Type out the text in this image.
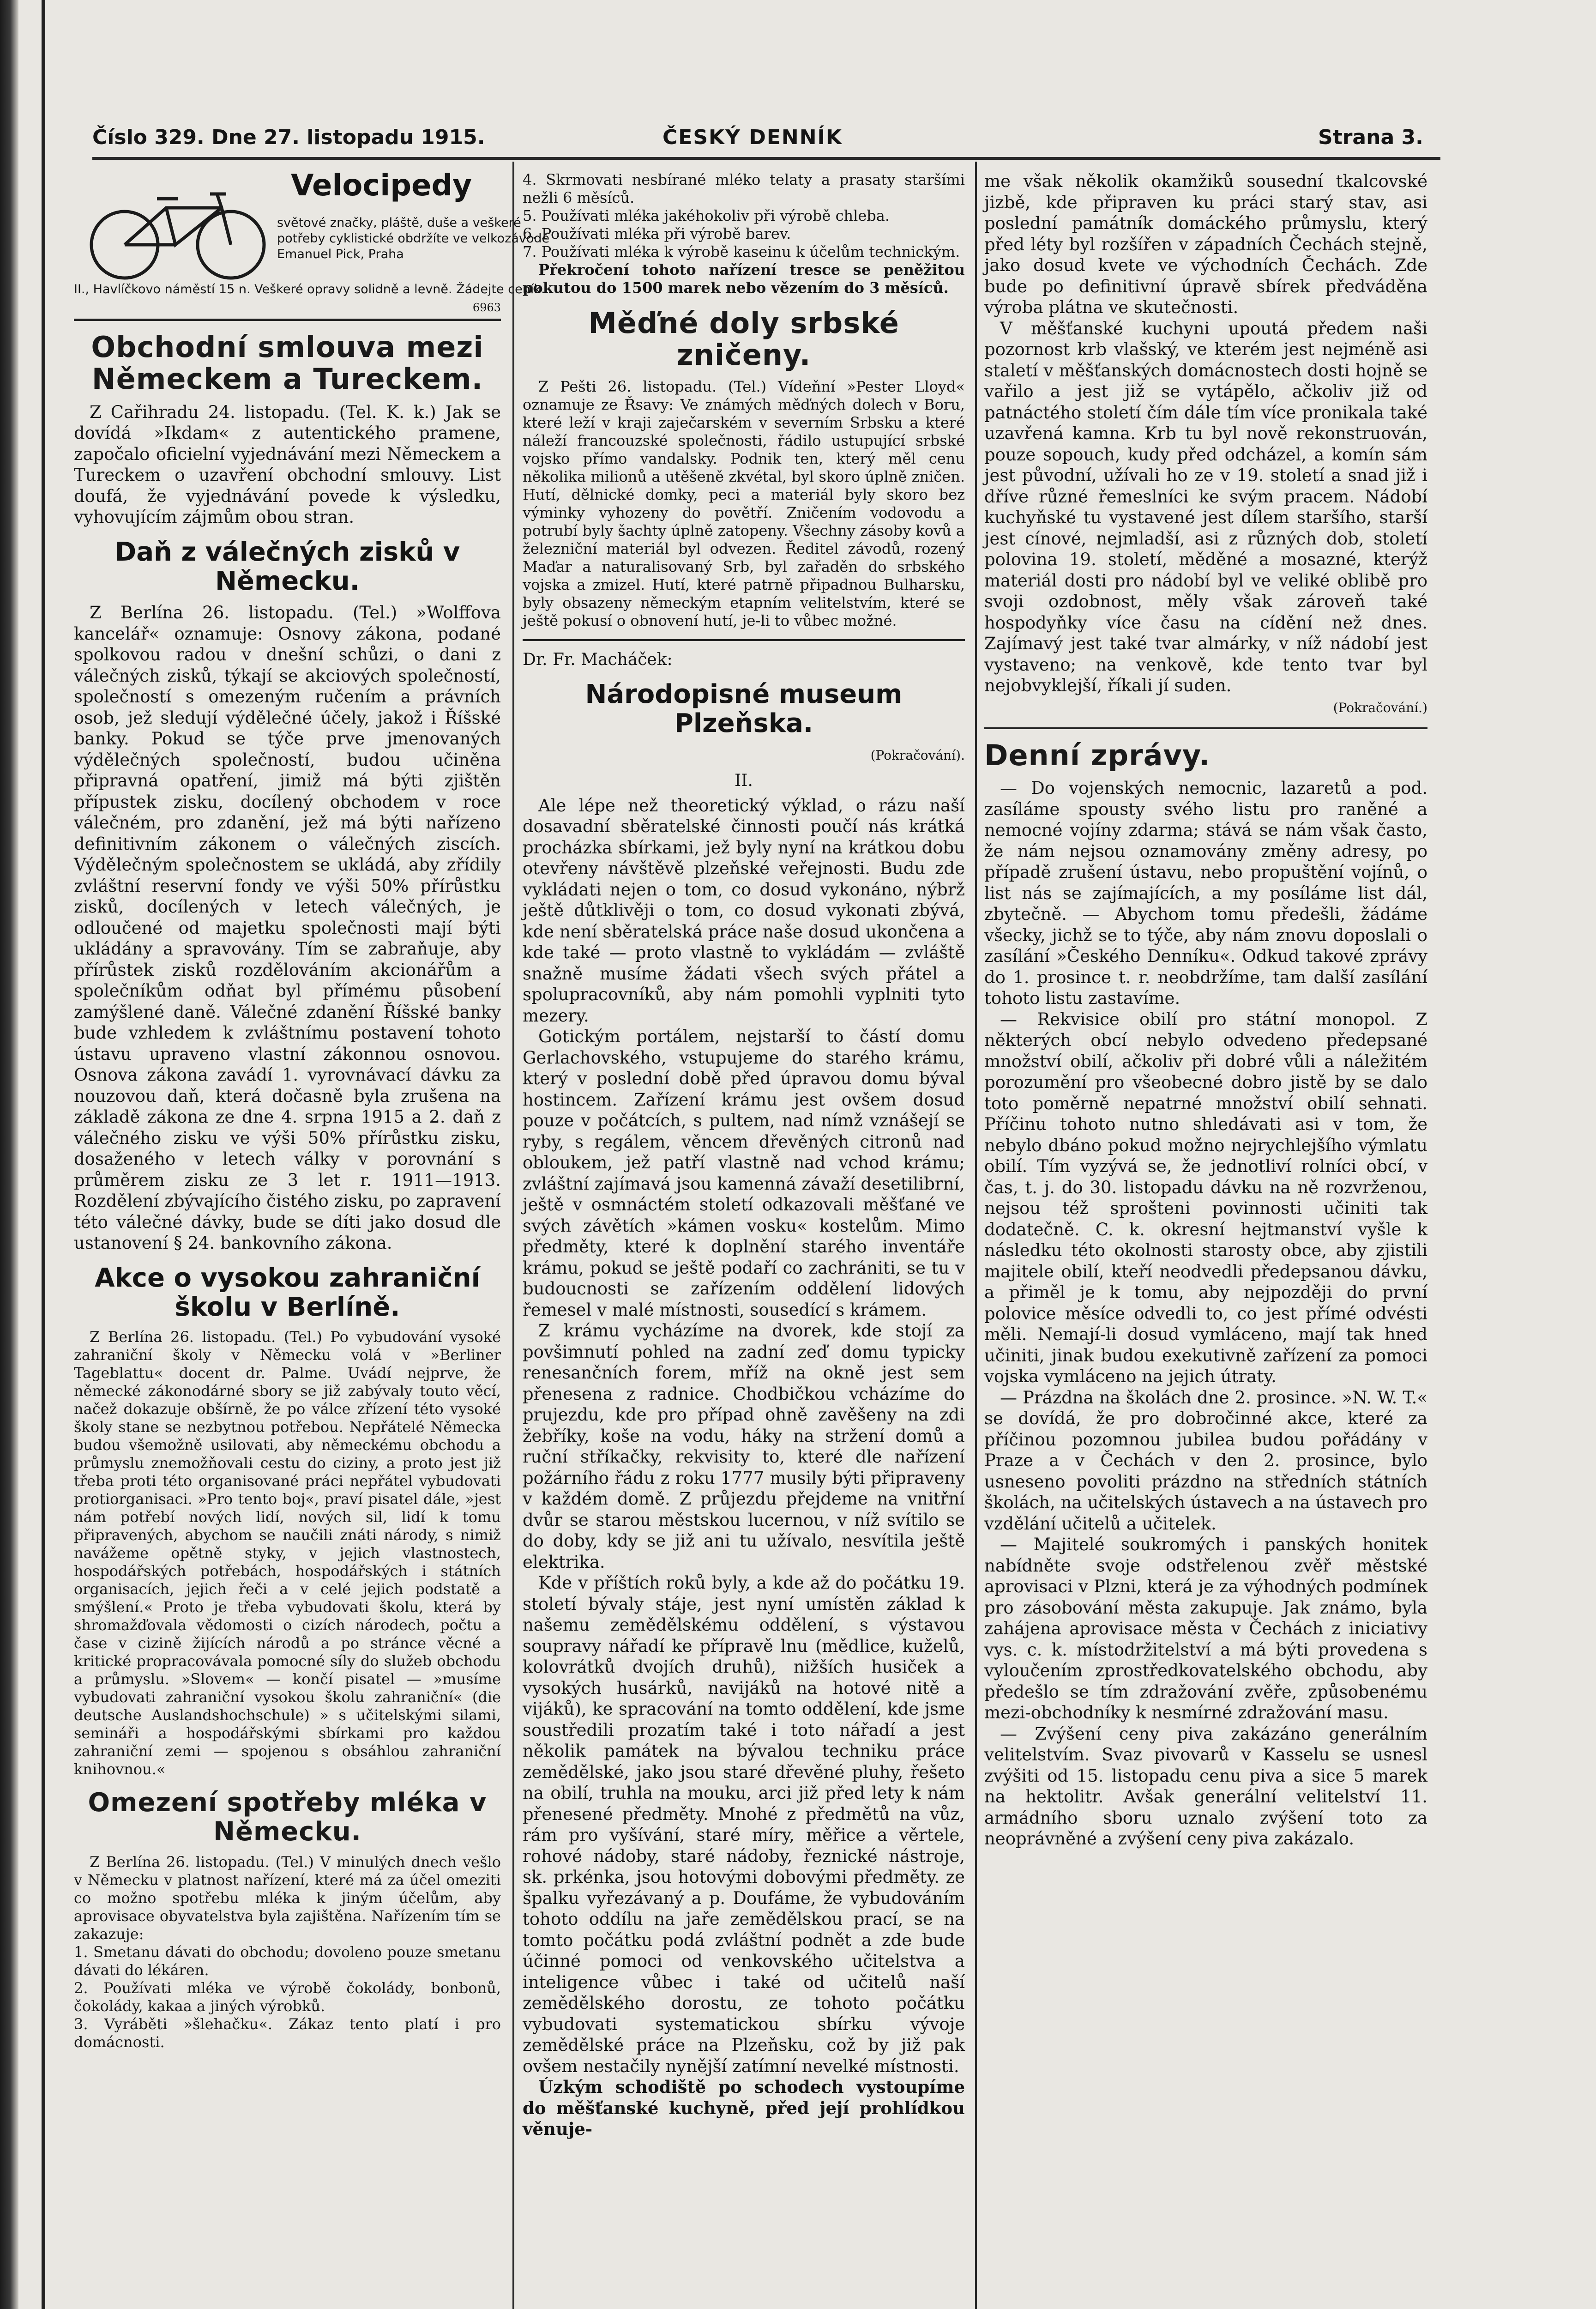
Číslo 329. Dne 27. listopadu 1915.	ČESKÝ DENNÍK	Strana 3.
Velocipedy
světové značky, pláště, duše a veškeré potřeby cyklistické obdržíte ve velkozávodě Emanuel Pick, Praha
II., Havlíčkovo náměstí 15 n. Veškeré opravy solidně a levně. Žádejte ceník.
6963
Obchodní smlouva mezi Německem a Tureckem.

Z Cařihradu 24. listopadu. (Tel. K. k.) Jak se dovídá »Ikdam« z autentického pramene, započalo oficielní vyjednávání mezi Německem a Tureckem o uzavření obchodní smlouvy. List doufá, že vyjednávání povede k výsledku, vyhovujícím zájmům obou stran.

Daň z válečných zisků v Německu.

Z Berlína 26. listopadu. (Tel.) »Wolffova kancelář« oznamuje: Osnovy zákona, podané spolkovou radou v dnešní schůzi, o dani z válečných zisků, týkají se akciových společností, společností s omezeným ručením a právních osob, jež sledují výdělečné účely, jakož i Říšské banky. Pokud se týče prve jmenovaných výdělečných společností, budou učiněna připravná opatření, jimiž má býti zjištěn přípustek zisku, docílený obchodem v roce válečném, pro zdanění, jež má býti nařízeno definitivním zákonem o válečných ziscích. Výdělečným společnostem se ukládá, aby zřídily zvláštní reservní fondy ve výši 50% přírůstku zisků, docílených v letech válečných, je odloučené od majetku společnosti mají býti ukládány a spravovány. Tím se zabraňuje, aby přírůstek zisků rozdělováním akcionářům a společníkům odňat byl přímému působení zamýšlené daně. Válečné zdanění Říšské banky bude vzhledem k zvláštnímu postavení tohoto ústavu upraveno vlastní zákonnou osnovou. Osnova zákona zavádí 1. vyrovnávací dávku za nouzovou daň, která dočasně byla zrušena na základě zákona ze dne 4. srpna 1915 a 2. daň z válečného zisku ve výši 50% přírůstku zisku, dosaženého v letech války v porovnání s průměrem zisku ze 3 let r. 1911—1913. Rozdělení zbývajícího čistého zisku, po zapravení této válečné dávky, bude se díti jako dosud dle ustanovení § 24. bankovního zákona.

Akce o vysokou zahraniční školu v Berlíně.

Z Berlína 26. listopadu. (Tel.) Po vybudování vysoké zahraniční školy v Německu volá v »Berliner Tageblattu« docent dr. Palme. Uvádí nejprve, že německé zákonodárné sbory se již zabývaly touto věcí, načež dokazuje obšírně, že po válce zřízení této vysoké školy stane se nezbytnou potřebou. Nepřátelé Německa budou všemožně usilovati, aby německému obchodu a průmyslu znemožňovali cestu do ciziny, a proto jest již třeba proti této organisované práci nepřátel vybudovati protiorganisaci. »Pro tento boj«, praví pisatel dále, »jest nám potřebí nových lidí, nových sil, lidí k tomu připravených, abychom se naučili znáti národy, s nimiž navážeme opětně styky, v jejich vlastnostech, hospodářských potřebách, hospodářských i státních organisacích, jejich řeči a v celé jejich podstatě a smýšlení.« Proto je třeba vybudovati školu, která by shromažďovala vědomosti o cizích národech, počtu a čase v cizině žijících národů a po stránce věcné a kritické propracovávala pomocné síly do služeb obchodu a průmyslu. »Slovem« — končí pisatel — »musíme vybudovati zahraniční vysokou školu zahraniční« (die deutsche Auslandshochschule) » s učitelskými silami, semináři a hospodářskými sbírkami pro každou zahraniční zemi — spojenou s obsáhlou zahraniční knihovnou.«

Omezení spotřeby mléka v Německu.

Z Berlína 26. listopadu. (Tel.) V minulých dnech vešlo v Německu v platnost nařízení, které má za účel omeziti co možno spotřebu mléka k jiným účelům, aby aprovisace obyvatelstva byla zajištěna. Nařízením tím se zakazuje:

1. Smetanu dávati do obchodu; dovoleno pouze smetanu dávati do lékáren.

2. Používati mléka ve výrobě čokolády, bonbonů, čokolády, kakaa a jiných výrobků.

3. Vyráběti »šlehačku«. Zákaz tento platí i pro domácnosti.

4. Skrmovati nesbírané mléko telaty a prasaty staršími nežli 6 měsíců.

5. Používati mléka jakéhokoliv při výrobě chleba.

6. Používati mléka při výrobě barev.

7. Používati mléka k výrobě kaseinu k účelům technickým.

Překročení tohoto nařízení tresce se peněžitou pokutou do 1500 marek nebo vězením do 3 měsíců.

Měďné doly srbské zničeny.

Z Pešti 26. listopadu. (Tel.) Vídeňní »Pester Lloyd« oznamuje ze Řsavy: Ve známých měďných dolech v Boru, které leží v kraji zaječarském v severním Srbsku a které náleží francouzské společnosti, řádilo ustupující srbské vojsko přímo vandalsky. Podnik ten, který měl cenu několika milionů a utěšeně zkvétal, byl skoro úplně zničen. Hutí, dělnické domky, peci a materiál byly skoro bez výminky vyhozeny do povětří. Zničením vodovodu a potrubí byly šachty úplně zatopeny. Všechny zásoby kovů a železniční materiál byl odvezen. Ředitel závodů, rozený Maďar a naturalisovaný Srb, byl zařaděn do srbského vojska a zmizel. Hutí, které patrně připadnou Bulharsku, byly obsazeny německým etapním velitelstvím, které se ještě pokusí o obnovení hutí, je-li to vůbec možné.

Dr. Fr. Macháček:
Národopisné museum Plzeňska.
(Pokračování).
II.

Ale lépe než theoretický výklad, o rázu naší dosavadní sběratelské činnosti poučí nás krátká procházka sbírkami, jež byly nyní na krátkou dobu otevřeny návštěvě plzeňské veřejnosti. Budu zde vykládati nejen o tom, co dosud vykonáno, nýbrž ještě důtklivěji o tom, co dosud vykonati zbývá, kde není sběratelská práce naše dosud ukončena a kde také — proto vlastně to vykládám — zvláště snažně musíme žádati všech svých přátel a spolupracovníků, aby nám pomohli vyplniti tyto mezery.

Gotickým portálem, nejstarší to částí domu Gerlachovského, vstupujeme do starého krámu, který v poslední době před úpravou domu býval hostincem. Zařízení krámu jest ovšem dosud pouze v počátcích, s pultem, nad nímž vznášejí se ryby, s regálem, věncem dřevěných citronů nad obloukem, jež patří vlastně nad vchod krámu; zvláštní zajímavá jsou kamenná závaží desetilibrní, ještě v osmnáctém století odkazovali měšťané ve svých závětích »kámen vosku« kostelům. Mimo předměty, které k doplnění starého inventáře krámu, pokud se ještě podaří co zachrániti, se tu v budoucnosti se zařízením oddělení lidových řemesel v malé místnosti, sousedící s krámem.

Z krámu vycházíme na dvorek, kde stojí za povšimnutí pohled na zadní zeď domu typicky renesančních forem, mříž na okně jest sem přenesena z radnice. Chodbičkou vcházíme do prujezdu, kde pro případ ohně zavěšeny na zdi žebříky, koše na vodu, háky na stržení domů a ruční stříkačky, rekvisity to, které dle nařízení požárního řádu z roku 1777 musily býti připraveny v každém domě. Z průjezdu přejdeme na vnitřní dvůr se starou městskou lucernou, v níž svítilo se do doby, kdy se již ani tu užívalo, nesvítila ještě elektrika.

Kde v příštích roků byly, a kde až do počátku 19. století bývaly stáje, jest nyní umístěn základ k našemu zemědělskému oddělení, s výstavou soupravy nářadí ke přípravě lnu (mědlice, kuželů, kolovrátků dvojích druhů), nižších husiček a vysokých husárků, navijáků na hotové nitě a vijáků), ke spracování na tomto oddělení, kde jsme soustředili prozatím také i toto nářadí a jest několik památek na bývalou techniku práce zemědělské, jako jsou staré dřevěné pluhy, řešeto na obilí, truhla na mouku, arci již před lety k nám přenesené předměty. Mnohé z předmětů na vůz, rám pro vyšívání, staré míry, měřice a věrtele, rohové nádoby, staré nádoby, řeznické nástroje, sk. prkénka, jsou hotovými dobovými předměty. ze špalku vyřezávaný a p. Doufáme, že vybudováním tohoto oddílu na jaře zemědělskou prací, se na tomto počátku podá zvláštní podnět a zde bude účinné pomoci od venkovského učitelstva a inteligence vůbec i také od učitelů naší zemědělského dorostu, ze tohoto počátku vybudovati systematickou sbírku vývoje zemědělské práce na Plzeňsku, což by již pak ovšem nestačily nynější zatímní nevelké místnosti.

Úzkým schodiště po schodech vystoupíme do měšťanské kuchyně, před její prohlídkou věnuje-

me však několik okamžiků sousední tkalcovské jizbě, kde připraven ku práci starý stav, asi poslední památník domáckého průmyslu, který před léty byl rozšířen v západních Čechách stejně, jako dosud kvete ve východních Čechách. Zde bude po definitivní úpravě sbírek předváděna výroba plátna ve skutečnosti.

V měšťanské kuchyni upoutá předem naši pozornost krb vlašský, ve kterém jest nejméně asi staletí v měšťanských domácnostech dosti hojně se vařilo a jest již se vytápělo, ačkoliv již od patnáctého století čím dále tím více pronikala také uzavřená kamna. Krb tu byl nově rekonstruován, pouze sopouch, kudy před odcházel, a komín sám jest původní, užívali ho ze v 19. století a snad již i dříve různé řemeslníci ke svým pracem. Nádobí kuchyňské tu vystavené jest dílem staršího, starší jest cínové, nejmladší, asi z různých dob, století polovina 19. století, měděné a mosazné, kterýž materiál dosti pro nádobí byl ve veliké oblibě pro svoji ozdobnost, měly však zároveň také hospodyňky více času na cídění než dnes. Zajímavý jest také tvar almárky, v níž nádobí jest vystaveno; na venkově, kde tento tvar byl nejobvyklejší, říkali jí suden.

(Pokračování.)
Denní zprávy.

— Do vojenských nemocnic, lazaretů a pod. zasíláme spousty svého listu pro raněné a nemocné vojíny zdarma; stává se nám však často, že nám nejsou oznamovány změny adresy, po případě zrušení ústavu, nebo propuštění vojínů, o list nás se zajímajících, a my posíláme list dál, zbytečně. — Abychom tomu předešli, žádáme všecky, jichž se to týče, aby nám znovu doposlali o zasílání »Českého Denníku«. Odkud takové zprávy do 1. prosince t. r. neobdržíme, tam další zasílání tohoto listu zastavíme.

— Rekvisice obilí pro státní monopol. Z některých obcí nebylo odvedeno předepsané množství obilí, ačkoliv při dobré vůli a náležitém porozumění pro všeobecné dobro jistě by se dalo toto poměrně nepatrné množství obilí sehnati. Příčinu tohoto nutno shledávati asi v tom, že nebylo dbáno pokud možno nejrychlejšího výmlatu obilí. Tím vyzývá se, že jednotliví rolníci obcí, v čas, t. j. do 30. listopadu dávku na ně rozvrženou, nejsou též sprošteni povinnosti učiniti tak dodatečně. C. k. okresní hejtmanství vyšle k následku této okolnosti starosty obce, aby zjistili majitele obilí, kteří neodvedli předepsanou dávku, a přiměl je k tomu, aby nejpozději do první polovice měsíce odvedli to, co jest přímé odvésti měli. Nemají-li dosud vymláceno, mají tak hned učiniti, jinak budou exekutivně zařízení za pomoci vojska vymláceno na jejich útraty.

— Prázdna na školách dne 2. prosince. »N. W. T.« se dovídá, že pro dobročinné akce, které za příčinou pozomnou jubilea budou pořádány v Praze a v Čechách v den 2. prosince, bylo usneseno povoliti prázdno na středních státních školách, na učitelských ústavech a na ústavech pro vzdělání učitelů a učitelek.

— Majitelé soukromých i panských honitek nabídněte svoje odstřelenou zvěř městské aprovisaci v Plzni, která je za výhodných podmínek pro zásobování města zakupuje. Jak známo, byla zahájena aprovisace města v Čechách z iniciativy vys. c. k. místodržitelství a má býti provedena s vyloučením zprostředkovatelského obchodu, aby předešlo se tím zdražování zvěře, způsobenému mezi-obchodníky k nesmírné zdražování masu.

— Zvýšení ceny piva zakázáno generálním velitelstvím. Svaz pivovarů v Kasselu se usnesl zvýšiti od 15. listopadu cenu piva a sice 5 marek na hektolitr. Avšak generální velitelství 11. armádního sboru uznalo zvýšení toto za neoprávněné a zvýšení ceny piva zakázalo.
